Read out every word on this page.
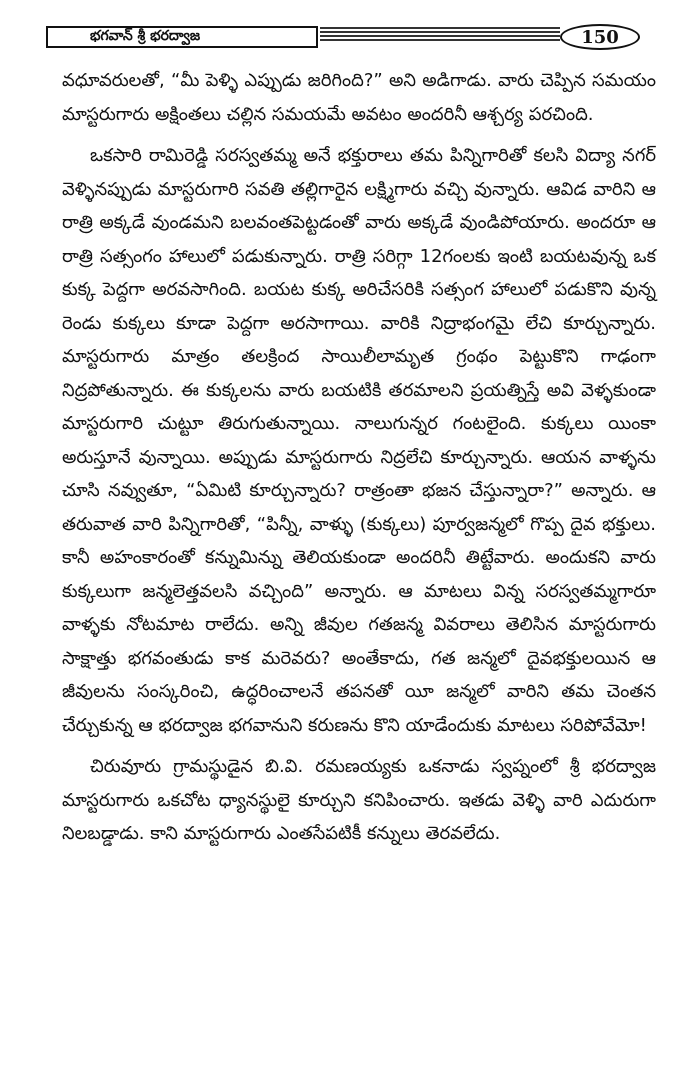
భగవాన్ శ్రీ భరద్వాజ	150

వధూవరులతో, “మీ పెళ్ళి ఎప్పుడు జరిగింది?” అని అడిగాడు. వారు చెప్పిన సమయం మాస్టరుగారు అక్షింతలు చల్లిన సమయమే అవటం అందరినీ ఆశ్చర్య పరచింది.

ఒకసారి రామిరెడ్డి సరస్వతమ్మ అనే భక్తురాలు తమ పిన్నిగారితో కలసి విద్యా నగర్ వెళ్ళినప్పుడు మాస్టరుగారి సవతి తల్లిగారైన లక్ష్మిగారు వచ్చి వున్నారు. ఆవిడ వారిని ఆ రాత్రి అక్కడే వుండమని బలవంతపెట్టడంతో వారు అక్కడే వుండిపోయారు. అందరూ ఆ రాత్రి సత్సంగం హాలులో పడుకున్నారు. రాత్రి సరిగ్గా 12గంలకు ఇంటి బయటవున్న ఒక కుక్క పెద్దగా అరవసాగింది. బయట కుక్క అరిచేసరికి సత్సంగ హాలులో పడుకొని వున్న రెండు కుక్కలు కూడా పెద్దగా అరసాగాయి. వారికి నిద్రాభంగమై లేచి కూర్చున్నారు. మాస్టరుగారు మాత్రం తలక్రింద సాయిలీలామృత గ్రంథం పెట్టుకొని గాఢంగా నిద్రపోతున్నారు. ఈ కుక్కలను వారు బయటికి తరమాలని ప్రయత్నిస్తే అవి వెళ్ళకుండా మాస్టరుగారి చుట్టూ తిరుగుతున్నాయి. నాలుగున్నర గంటలైంది. కుక్కలు యింకా అరుస్తూనే వున్నాయి. అప్పుడు మాస్టరుగారు నిద్రలేచి కూర్చున్నారు. ఆయన వాళ్ళను చూసి నవ్వుతూ, “ఏమిటి కూర్చున్నారు? రాత్రంతా భజన చేస్తున్నారా?” అన్నారు. ఆ తరువాత వారి పిన్నిగారితో, “పిన్నీ, వాళ్ళు (కుక్కలు) పూర్వజన్మలో గొప్ప దైవ భక్తులు. కానీ అహంకారంతో కన్నుమిన్ను తెలియకుండా అందరినీ తిట్టేవారు. అందుకని వారు కుక్కలుగా జన్మలెత్తవలసి వచ్చింది” అన్నారు. ఆ మాటలు విన్న సరస్వతమ్మగారూ వాళ్ళకు నోటమాట రాలేదు. అన్ని జీవుల గతజన్మ వివరాలు తెలిసిన మాస్టరుగారు సాక్షాత్తు భగవంతుడు కాక మరెవరు? అంతేకాదు, గత జన్మలో దైవభక్తులయిన ఆ జీవులను సంస్కరించి, ఉద్ధరించాలనే తపనతో యీ జన్మలో వారిని తమ చెంతన చేర్చుకున్న ఆ భరద్వాజ భగవానుని కరుణను కొని యాడేందుకు మాటలు సరిపోవేమో!

చిరువూరు గ్రామస్థుడైన బి.వి. రమణయ్యకు ఒకనాడు స్వప్నంలో శ్రీ భరద్వాజ మాస్టరుగారు ఒకచోట ధ్యానస్థులై కూర్చుని కనిపించారు. ఇతడు వెళ్ళి వారి ఎదురుగా నిలబడ్డాడు. కాని మాస్టరుగారు ఎంతసేపటికీ కన్నులు తెరవలేదు.
